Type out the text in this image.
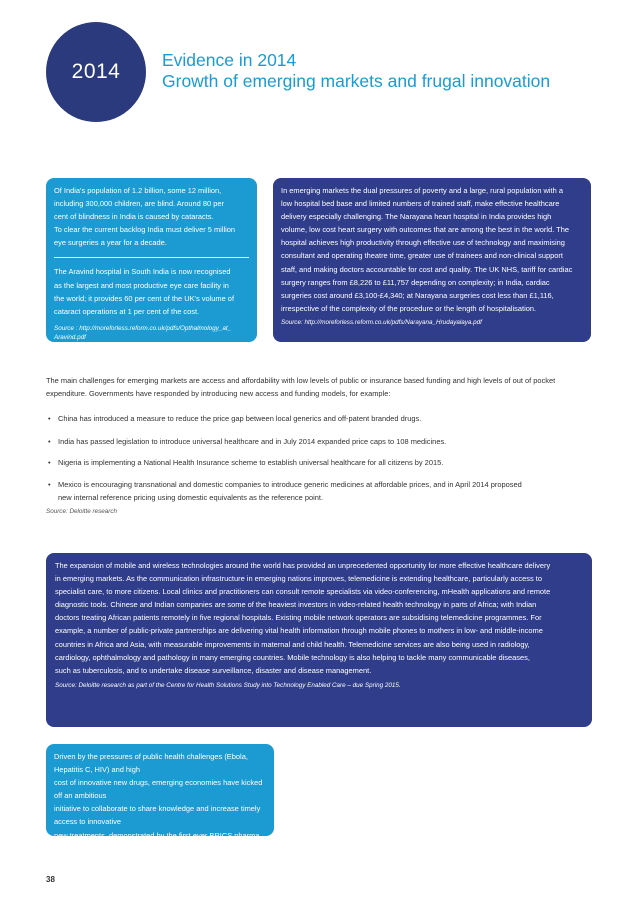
2014 Evidence in 2014
Growth of emerging markets and frugal innovation

Of India's population of 1.2 billion, some 12 million,

including 300,000 children, are blind. Around 80 per

cent of blindness in India is caused by cataracts.

To clear the current backlog India must deliver 5 million

eye surgeries a year for a decade.

The Aravind hospital in South India is now recognised

as the largest and most productive eye care facility in

the world; it provides 60 per cent of the UK's volume of

cataract operations at 1 per cent of the cost.

Source : http://moreforless.reform.co.uk/pdfs/Opthalmology_at_

Aravind.pdf

In emerging markets the dual pressures of poverty and a large, rural population with a

low hospital bed base and limited numbers of trained staff, make effective healthcare

delivery especially challenging. The Narayana heart hospital in India provides high

volume, low cost heart surgery with outcomes that are among the best in the world. The

hospital achieves high productivity through effective use of technology and maximising

consultant and operating theatre time, greater use of trainees and non-clinical support

staff, and making doctors accountable for cost and quality. The UK NHS, tariff for cardiac

surgery ranges from £8,226 to £11,757 depending on complexity; in India, cardiac

surgeries cost around £3,100-£4,340; at Narayana surgeries cost less than £1,116,

irrespective of the complexity of the procedure or the length of hospitalisation.

Source: http://moreforless.reform.co.uk/pdfs/Narayana_Hrudayalaya.pdf

The main challenges for emerging markets are access and affordability with low levels of public or insurance based funding and high levels of out of pocket

expenditure. Governments have responded by introducing new access and funding models, for example:

• China has introduced a measure to reduce the price gap between local generics and off-patent branded drugs.
• India has passed legislation to introduce universal healthcare and in July 2014 expanded price caps to 108 medicines.
• Nigeria is implementing a National Health Insurance scheme to establish universal healthcare for all citizens by 2015.
• Mexico is encouraging transnational and domestic companies to introduce generic medicines at affordable prices, and in April 2014 proposed
new internal reference pricing using domestic equivalents as the reference point.
Source: Deloitte research

The expansion of mobile and wireless technologies around the world has provided an unprecedented opportunity for more effective healthcare delivery

in emerging markets. As the communication infrastructure in emerging nations improves, telemedicine is extending healthcare, particularly access to

specialist care, to more citizens. Local clinics and practitioners can consult remote specialists via video-conferencing, mHealth applications and remote

diagnostic tools. Chinese and Indian companies are some of the heaviest investors in video-related health technology in parts of Africa; with Indian

doctors treating African patients remotely in five regional hospitals. Existing mobile network operators are subsidising telemedicine programmes. For

example, a number of public-private partnerships are delivering vital health information through mobile phones to mothers in low- and middle-income

countries in Africa and Asia, with measurable improvements in maternal and child health. Telemedicine services are also being used in radiology,

cardiology, ophthalmology and pathology in many emerging countries. Mobile technology is also helping to tackle many communicable diseases,

such as tuberculosis, and to undertake disease surveillance, disaster and disease management.

Source: Deloitte research as part of the Centre for Health Solutions Study into Technology Enabled Care – due Spring 2015.

Driven by the pressures of public health challenges (Ebola, Hepatitis C, HIV) and high

cost of innovative new drugs, emerging economies have kicked off an ambitious

initiative to collaborate to share knowledge and increase timely access to innovative

new treatments. demonstrated by the first ever BRICS pharma innovation collaboration

forum, held in Beijing 27-28 October 2014.

Source: Informa Plc, Scrip Regulatory Affairs, Accessed November 2014

38
